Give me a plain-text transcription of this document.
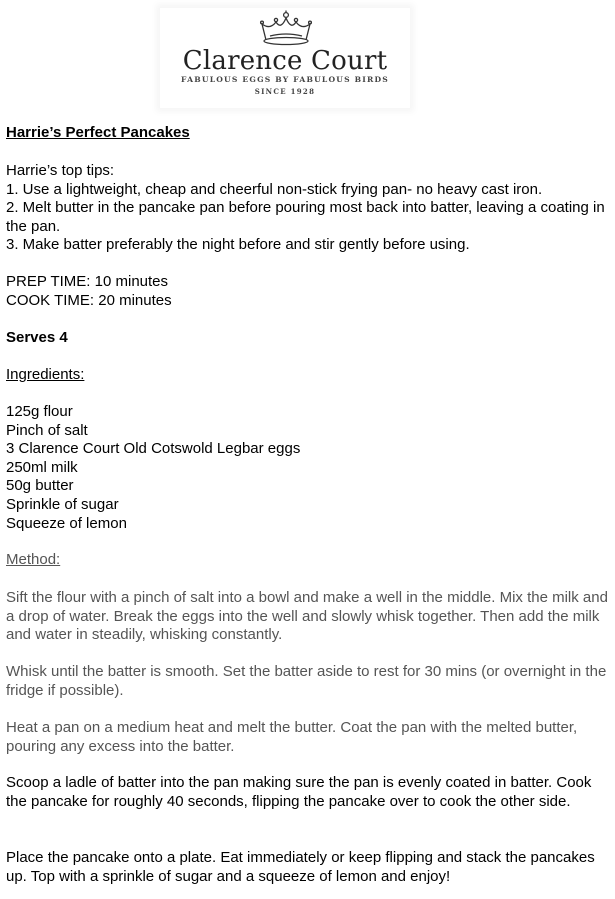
Clarence Court
FABULOUS EGGS BY FABULOUS BIRDS
SINCE 1928

Harrie’s Perfect Pancakes

Harrie’s top tips:

1. Use a lightweight, cheap and cheerful non-stick frying pan- no heavy cast iron.

2. Melt butter in the pancake pan before pouring most back into batter, leaving a coating in the pan.

3. Make batter preferably the night before and stir gently before using.

PREP TIME: 10 minutes

COOK TIME: 20 minutes

Serves 4

Ingredients:

125g flour

Pinch of salt

3 Clarence Court Old Cotswold Legbar eggs

250ml milk

50g butter

Sprinkle of sugar

Squeeze of lemon

Method:

Sift the flour with a pinch of salt into a bowl and make a well in the middle. Mix the milk and a drop of water. Break the eggs into the well and slowly whisk together. Then add the milk and water in steadily, whisking constantly.

Whisk until the batter is smooth. Set the batter aside to rest for 30 mins (or overnight in the fridge if possible).

Heat a pan on a medium heat and melt the butter. Coat the pan with the melted butter, pouring any excess into the batter.

Scoop a ladle of batter into the pan making sure the pan is evenly coated in batter. Cook the pancake for roughly 40 seconds, flipping the pancake over to cook the other side.

Place the pancake onto a plate. Eat immediately or keep flipping and stack the pancakes up. Top with a sprinkle of sugar and a squeeze of lemon and enjoy!
